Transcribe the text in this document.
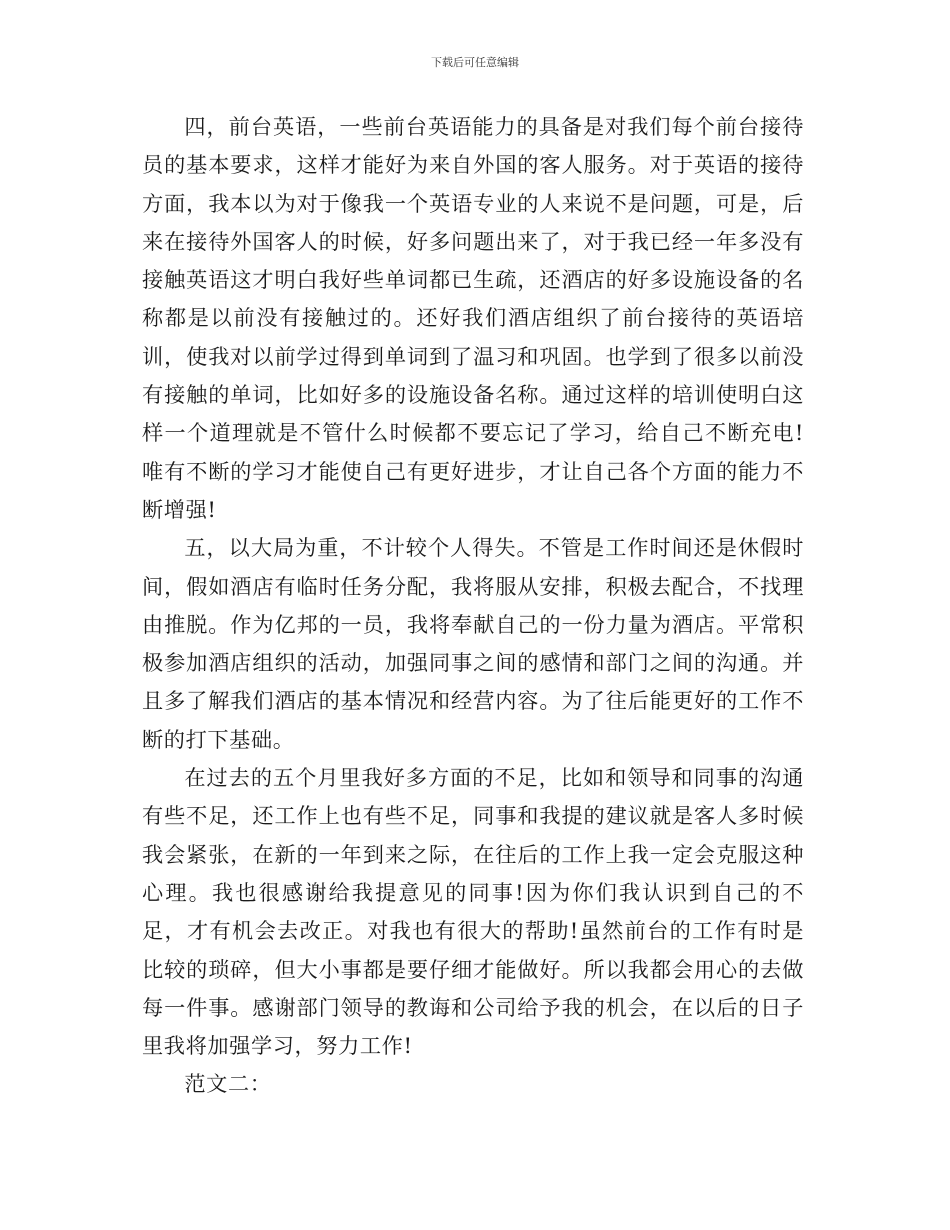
下载后可任意编辑

四，前台英语，一些前台英语能力的具备是对我们每个前台接待员的基本要求，这样才能好为来自外国的客人服务。对于英语的接待方面，我本以为对于像我一个英语专业的人来说不是问题，可是，后来在接待外国客人的时候，好多问题出来了，对于我已经一年多没有接触英语这才明白我好些单词都已生疏，还酒店的好多设施设备的名称都是以前没有接触过的。还好我们酒店组织了前台接待的英语培训，使我对以前学过得到单词到了温习和巩固。也学到了很多以前没有接触的单词，比如好多的设施设备名称。通过这样的培训使明白这样一个道理就是不管什么时候都不要忘记了学习，给自己不断充电!唯有不断的学习才能使自己有更好进步，才让自己各个方面的能力不断增强!

五，以大局为重，不计较个人得失。不管是工作时间还是休假时间，假如酒店有临时任务分配，我将服从安排，积极去配合，不找理由推脱。作为亿邦的一员，我将奉献自己的一份力量为酒店。平常积极参加酒店组织的活动，加强同事之间的感情和部门之间的沟通。并且多了解我们酒店的基本情况和经营内容。为了往后能更好的工作不断的打下基础。

在过去的五个月里我好多方面的不足，比如和领导和同事的沟通有些不足，还工作上也有些不足，同事和我提的建议就是客人多时候我会紧张，在新的一年到来之际，在往后的工作上我一定会克服这种心理。我也很感谢给我提意见的同事!因为你们我认识到自己的不足，才有机会去改正。对我也有很大的帮助!虽然前台的工作有时是比较的琐碎，但大小事都是要仔细才能做好。所以我都会用心的去做每一件事。感谢部门领导的教诲和公司给予我的机会，在以后的日子里我将加强学习，努力工作!

范文二：
